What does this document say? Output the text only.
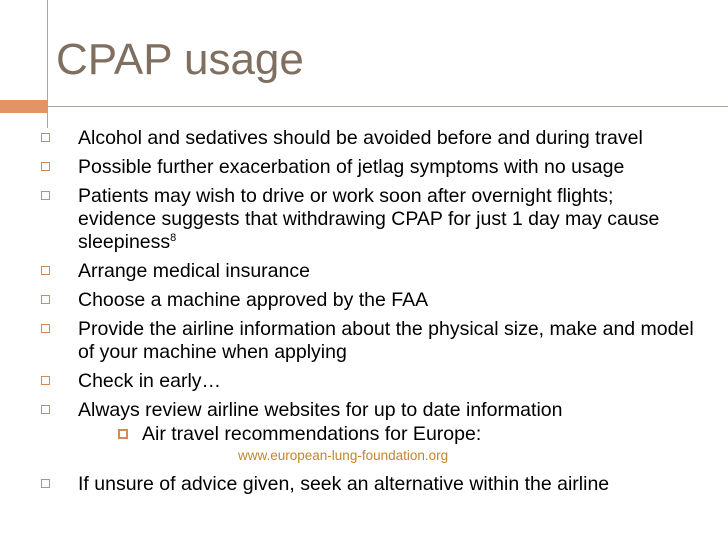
CPAP usage
Alcohol and sedatives should be avoided before and during travel
Possible further exacerbation of jetlag symptoms with no usage
Patients may wish to drive or work soon after overnight flights; evidence suggests that withdrawing CPAP for just 1 day may cause sleepiness$^8$
Arrange medical insurance
Choose a machine approved by the FAA
Provide the airline information about the physical size, make and model of your machine when applying
Check in early…
Always review airline websites for up to date information
Air travel recommendations for Europe:
www.european-lung-foundation.org
If unsure of advice given, seek an alternative within the airline
